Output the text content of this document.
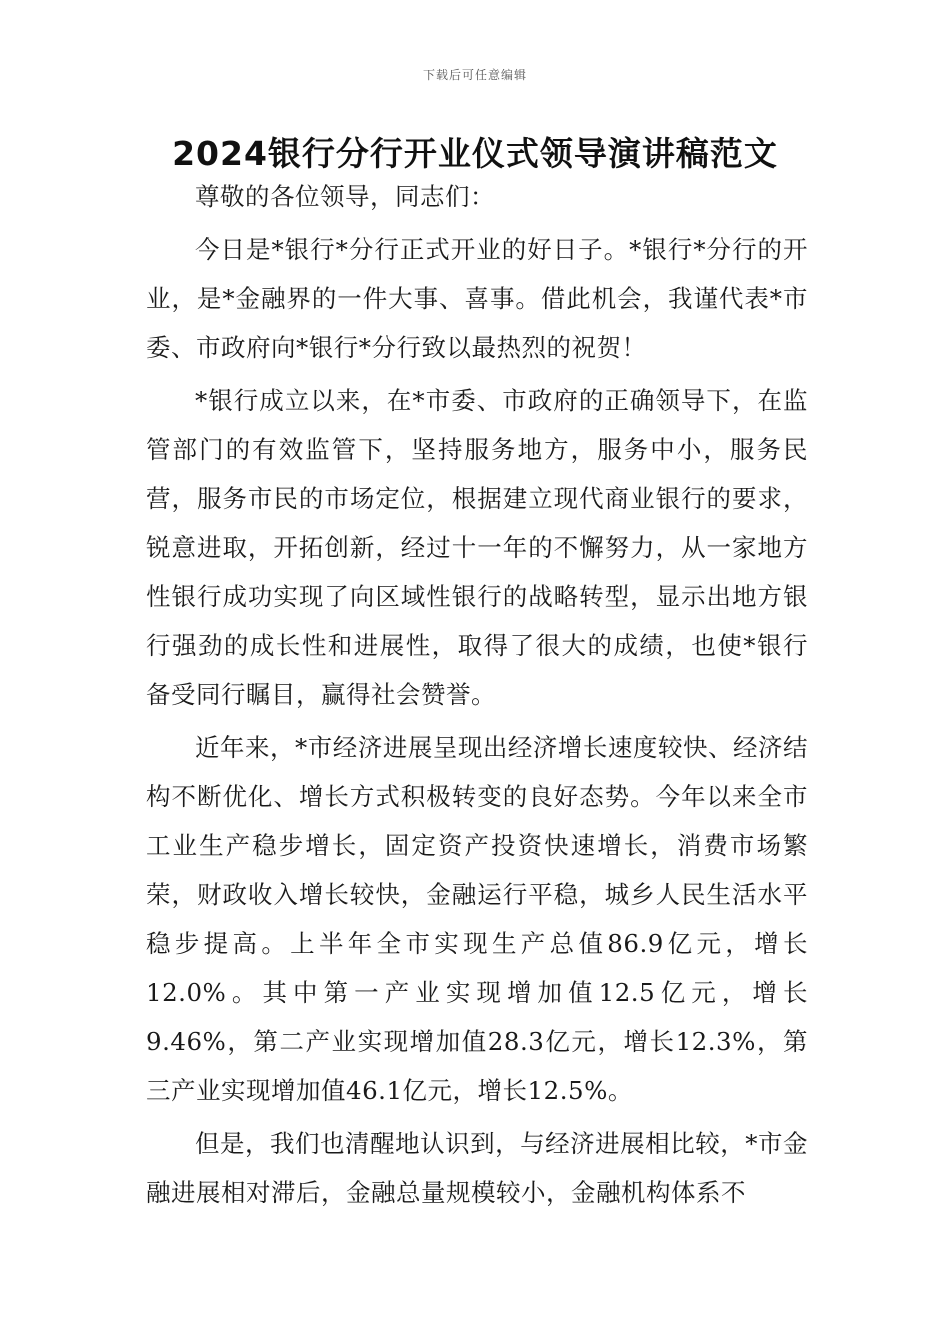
下载后可任意编辑
2024银行分行开业仪式领导演讲稿范文

尊敬的各位领导，同志们：

今日是*银行*分行正式开业的好日子。*银行*分行的开业，是*金融界的一件大事、喜事。借此机会，我谨代表*市委、市政府向*银行*分行致以最热烈的祝贺！

*银行成立以来，在*市委、市政府的正确领导下，在监管部门的有效监管下，坚持服务地方，服务中小，服务民营，服务市民的市场定位，根据建立现代商业银行的要求，锐意进取，开拓创新，经过十一年的不懈努力，从一家地方性银行成功实现了向区域性银行的战略转型，显示出地方银行强劲的成长性和进展性，取得了很大的成绩，也使*银行备受同行瞩目，赢得社会赞誉。

近年来，*市经济进展呈现出经济增长速度较快、经济结构不断优化、增长方式积极转变的良好态势。今年以来全市工业生产稳步增长，固定资产投资快速增长，消费市场繁荣，财政收入增长较快，金融运行平稳，城乡人民生活水平稳步提高。上半年全市实现生产总值86.9亿元，增长12.0%。其中第一产业实现增加值12.5亿元，增长9.46%，第二产业实现增加值28.3亿元，增长12.3%，第三产业实现增加值46.1亿元，增长12.5%。

但是，我们也清醒地认识到，与经济进展相比较，*市金融进展相对滞后，金融总量规模较小，金融机构体系不
